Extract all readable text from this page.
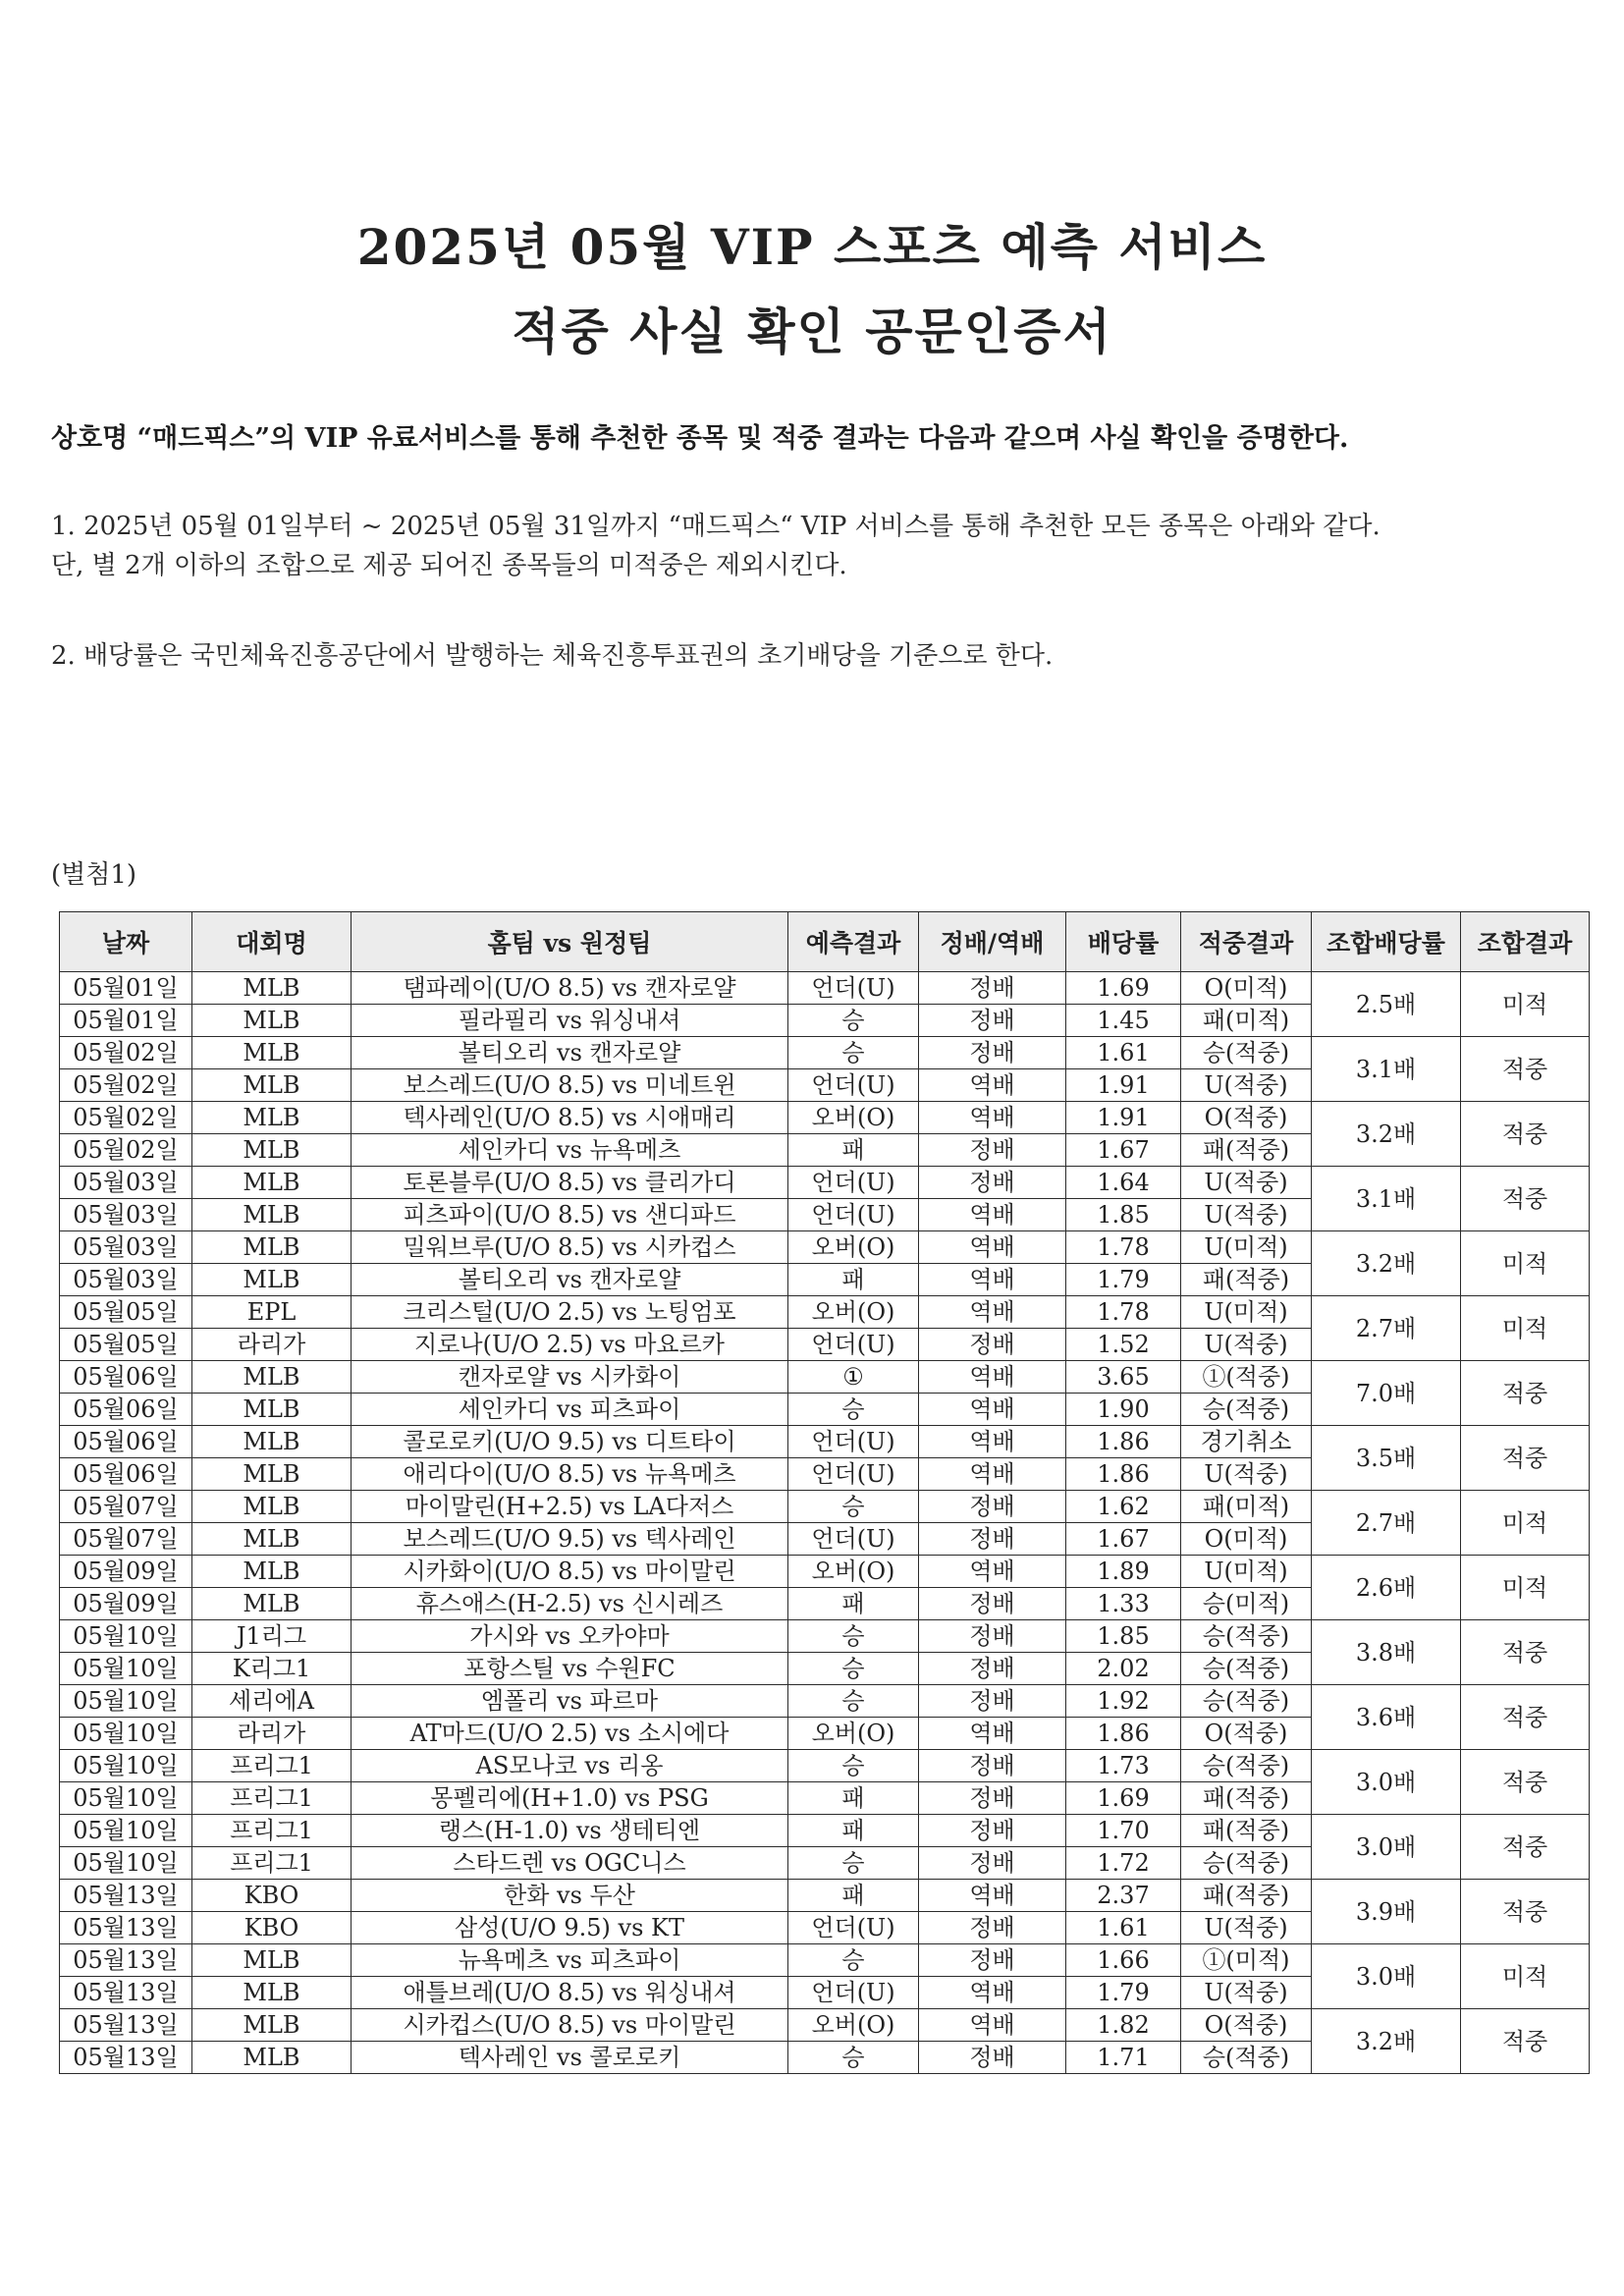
2025년 05월 VIP 스포츠 예측 서비스
적중 사실 확인 공문인증서
상호명 “매드픽스”의 VIP 유료서비스를 통해 추천한 종목 및 적중 결과는 다음과 같으며 사실 확인을 증명한다.
1. 2025년 05월 01일부터 ~ 2025년 05월 31일까지 “매드픽스“ VIP 서비스를 통해 추천한 모든 종목은 아래와 같다.
단, 별 2개 이하의 조합으로 제공 되어진 종목들의 미적중은 제외시킨다.
2. 배당률은 국민체육진흥공단에서 발행하는 체육진흥투표권의 초기배당을 기준으로 한다.
(별첨1)
날짜	대회명	홈팀 vs 원정팀	예측결과	정배/역배	배당률	적중결과	조합배당률	조합결과
05월01일	MLB	탬파레이(U/O 8.5) vs 캔자로얄	언더(U)	정배	1.69	O(미적)	2.5배	미적
05월01일	MLB	필라필리 vs 워싱내셔	승	정배	1.45	패(미적)		
05월02일	MLB	볼티오리 vs 캔자로얄	승	정배	1.61	승(적중)	3.1배	적중
05월02일	MLB	보스레드(U/O 8.5) vs 미네트윈	언더(U)	역배	1.91	U(적중)		
05월02일	MLB	텍사레인(U/O 8.5) vs 시애매리	오버(O)	역배	1.91	O(적중)	3.2배	적중
05월02일	MLB	세인카디 vs 뉴욕메츠	패	정배	1.67	패(적중)		
05월03일	MLB	토론블루(U/O 8.5) vs 클리가디	언더(U)	정배	1.64	U(적중)	3.1배	적중
05월03일	MLB	피츠파이(U/O 8.5) vs 샌디파드	언더(U)	역배	1.85	U(적중)		
05월03일	MLB	밀워브루(U/O 8.5) vs 시카컵스	오버(O)	역배	1.78	U(미적)	3.2배	미적
05월03일	MLB	볼티오리 vs 캔자로얄	패	역배	1.79	패(적중)		
05월05일	EPL	크리스털(U/O 2.5) vs 노팅엄포	오버(O)	역배	1.78	U(미적)	2.7배	미적
05월05일	라리가	지로나(U/O 2.5) vs 마요르카	언더(U)	정배	1.52	U(적중)		
05월06일	MLB	캔자로얄 vs 시카화이	①	역배	3.65	①(적중)	7.0배	적중
05월06일	MLB	세인카디 vs 피츠파이	승	역배	1.90	승(적중)		
05월06일	MLB	콜로로키(U/O 9.5) vs 디트타이	언더(U)	역배	1.86	경기취소	3.5배	적중
05월06일	MLB	애리다이(U/O 8.5) vs 뉴욕메츠	언더(U)	역배	1.86	U(적중)		
05월07일	MLB	마이말린(H+2.5) vs LA다저스	승	정배	1.62	패(미적)	2.7배	미적
05월07일	MLB	보스레드(U/O 9.5) vs 텍사레인	언더(U)	정배	1.67	O(미적)		
05월09일	MLB	시카화이(U/O 8.5) vs 마이말린	오버(O)	역배	1.89	U(미적)	2.6배	미적
05월09일	MLB	휴스애스(H-2.5) vs 신시레즈	패	정배	1.33	승(미적)		
05월10일	J1리그	가시와 vs 오카야마	승	정배	1.85	승(적중)	3.8배	적중
05월10일	K리그1	포항스틸 vs 수원FC	승	정배	2.02	승(적중)		
05월10일	세리에A	엠폴리 vs 파르마	승	정배	1.92	승(적중)	3.6배	적중
05월10일	라리가	AT마드(U/O 2.5) vs 소시에다	오버(O)	역배	1.86	O(적중)		
05월10일	프리그1	AS모나코 vs 리옹	승	정배	1.73	승(적중)	3.0배	적중
05월10일	프리그1	몽펠리에(H+1.0) vs PSG	패	정배	1.69	패(적중)		
05월10일	프리그1	랭스(H-1.0) vs 생테티엔	패	정배	1.70	패(적중)	3.0배	적중
05월10일	프리그1	스타드렌 vs OGC니스	승	정배	1.72	승(적중)		
05월13일	KBO	한화 vs 두산	패	역배	2.37	패(적중)	3.9배	적중
05월13일	KBO	삼성(U/O 9.5) vs KT	언더(U)	정배	1.61	U(적중)		
05월13일	MLB	뉴욕메츠 vs 피츠파이	승	정배	1.66	①(미적)	3.0배	미적
05월13일	MLB	애틀브레(U/O 8.5) vs 워싱내셔	언더(U)	역배	1.79	U(적중)		
05월13일	MLB	시카컵스(U/O 8.5) vs 마이말린	오버(O)	역배	1.82	O(적중)	3.2배	적중
05월13일	MLB	텍사레인 vs 콜로로키	승	정배	1.71	승(적중)		
